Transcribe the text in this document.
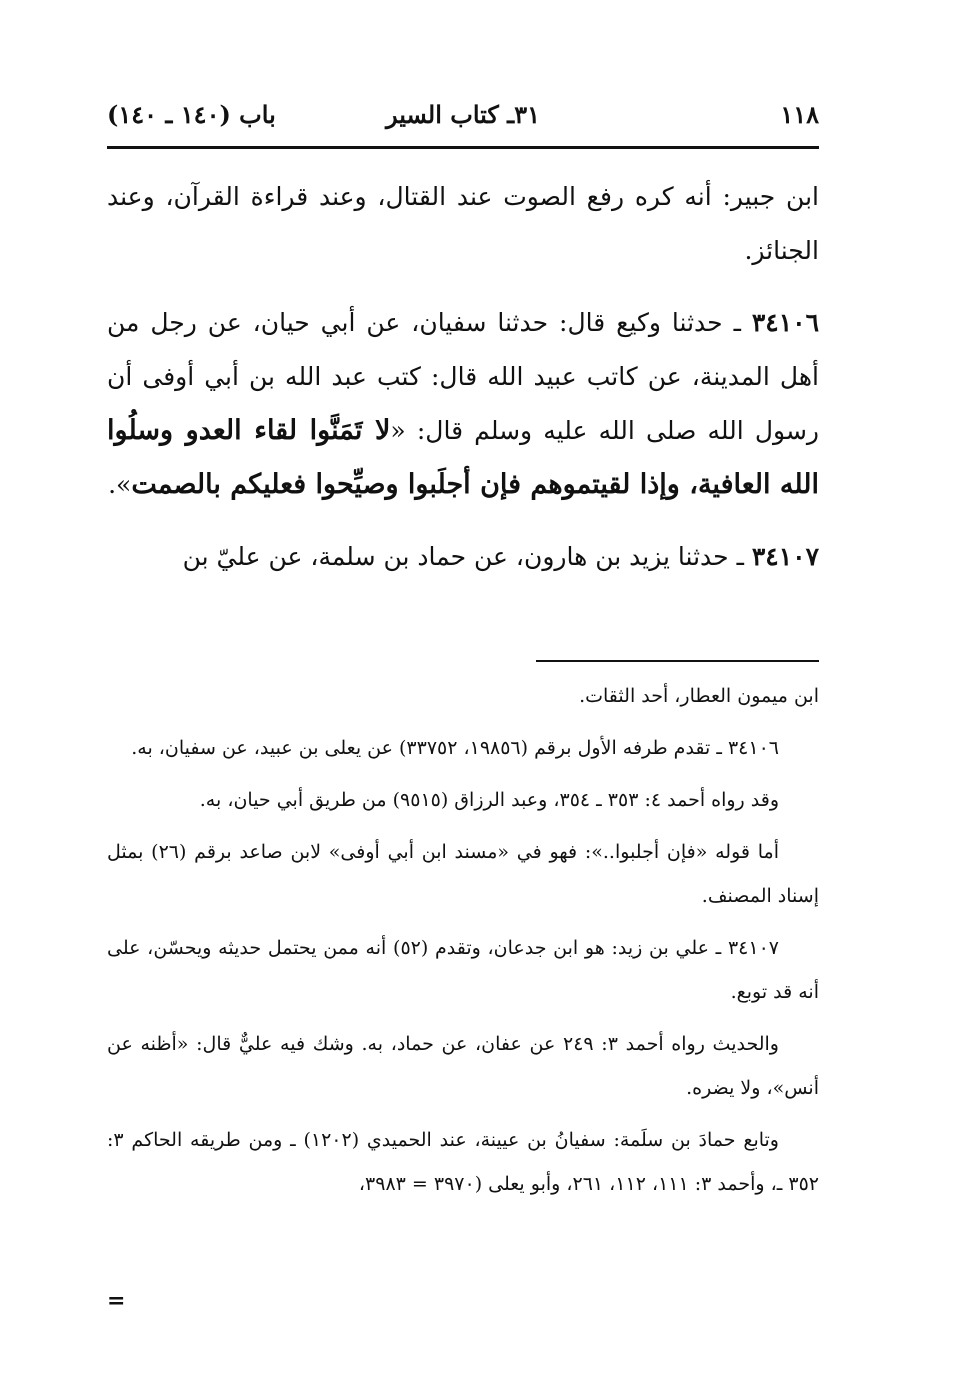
١١٨
٣١ـ كتاب السير
باب (١٤٠ ـ ١٤٠)

ابن جبير: أنه كره رفع الصوت عند القتال، وعند قراءة القرآن، وعند الجنائز.

٣٤١٠٦ ـ حدثنا وكيع قال: حدثنا سفيان، عن أبي حيان، عن رجل من أهل المدينة، عن كاتب عبيد الله قال: كتب عبد الله بن أبي أوفى أن رسول الله صلى الله عليه وسلم قال: «لا تَمَنَّوا لقاء العدو وسلُوا الله العافية، وإذا لقيتموهم فإن أجلَبوا وصيِّحوا فعليكم بالصمت».

٣٤١٠٧ ـ حدثنا يزيد بن هارون، عن حماد بن سلمة، عن عليّ بن

ابن ميمون العطار، أحد الثقات.

٣٤١٠٦ ـ تقدم طرفه الأول برقم (١٩٨٥٦، ٣٣٧٥٢) عن يعلى بن عبيد، عن سفيان، به.

وقد رواه أحمد ٤: ٣٥٣ ـ ٣٥٤، وعبد الرزاق (٩٥١٥) من طريق أبي حيان، به.

أما قوله «فإن أجلبوا..»: فهو في «مسند ابن أبي أوفى» لابن صاعد برقم (٢٦) بمثل إسناد المصنف.

٣٤١٠٧ ـ علي بن زيد: هو ابن جدعان، وتقدم (٥٢) أنه ممن يحتمل حديثه ويحسّن، على أنه قد توبع.

والحديث رواه أحمد ٣: ٢٤٩ عن عفان، عن حماد، به. وشك فيه عليٌّ قال: «أظنه عن أنس»، ولا يضره.

وتابع حمادَ بن سلَمة: سفيانُ بن عيينة، عند الحميدي (١٢٠٢) ـ ومن طريقه الحاكم ٣: ٣٥٢ ـ، وأحمد ٣: ١١١، ١١٢، ٢٦١، وأبو يعلى (٣٩٧٠ = ٣٩٨٣،

=
